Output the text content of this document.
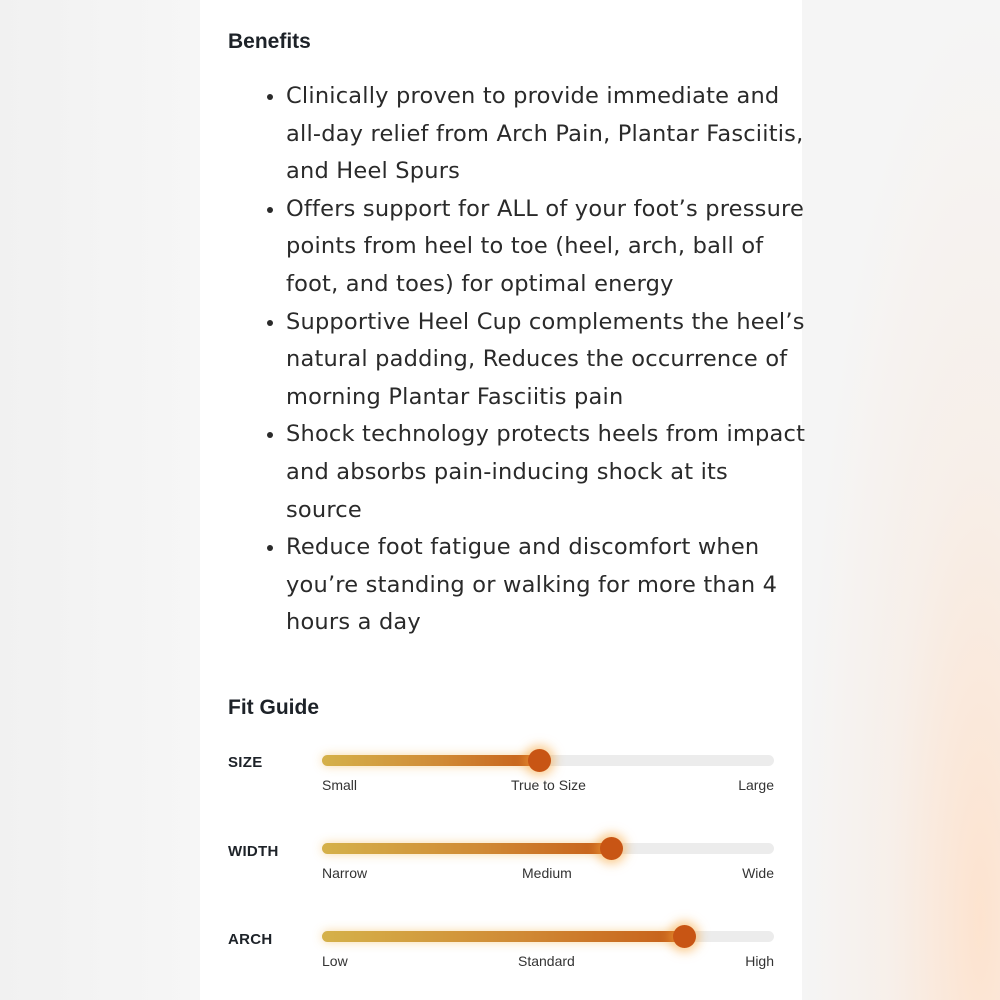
Benefits
• Clinically proven to provide immediate and all-day relief from Arch Pain, Plantar Fasciitis, and Heel Spurs
• Offers support for ALL of your foot’s pressure points from heel to toe (heel, arch, ball of foot, and toes) for optimal energy
• Supportive Heel Cup complements the heel’s natural padding, Reduces the occurrence of morning Plantar Fasciitis pain
• Shock technology protects heels from impact and absorbs pain-inducing shock at its source
• Reduce foot fatigue and discomfort when you’re standing or walking for more than 4 hours a day
Fit Guide
SIZE
Small	True to Size	Large
WIDTH
Narrow	Medium	Wide
ARCH
Low	Standard	High
